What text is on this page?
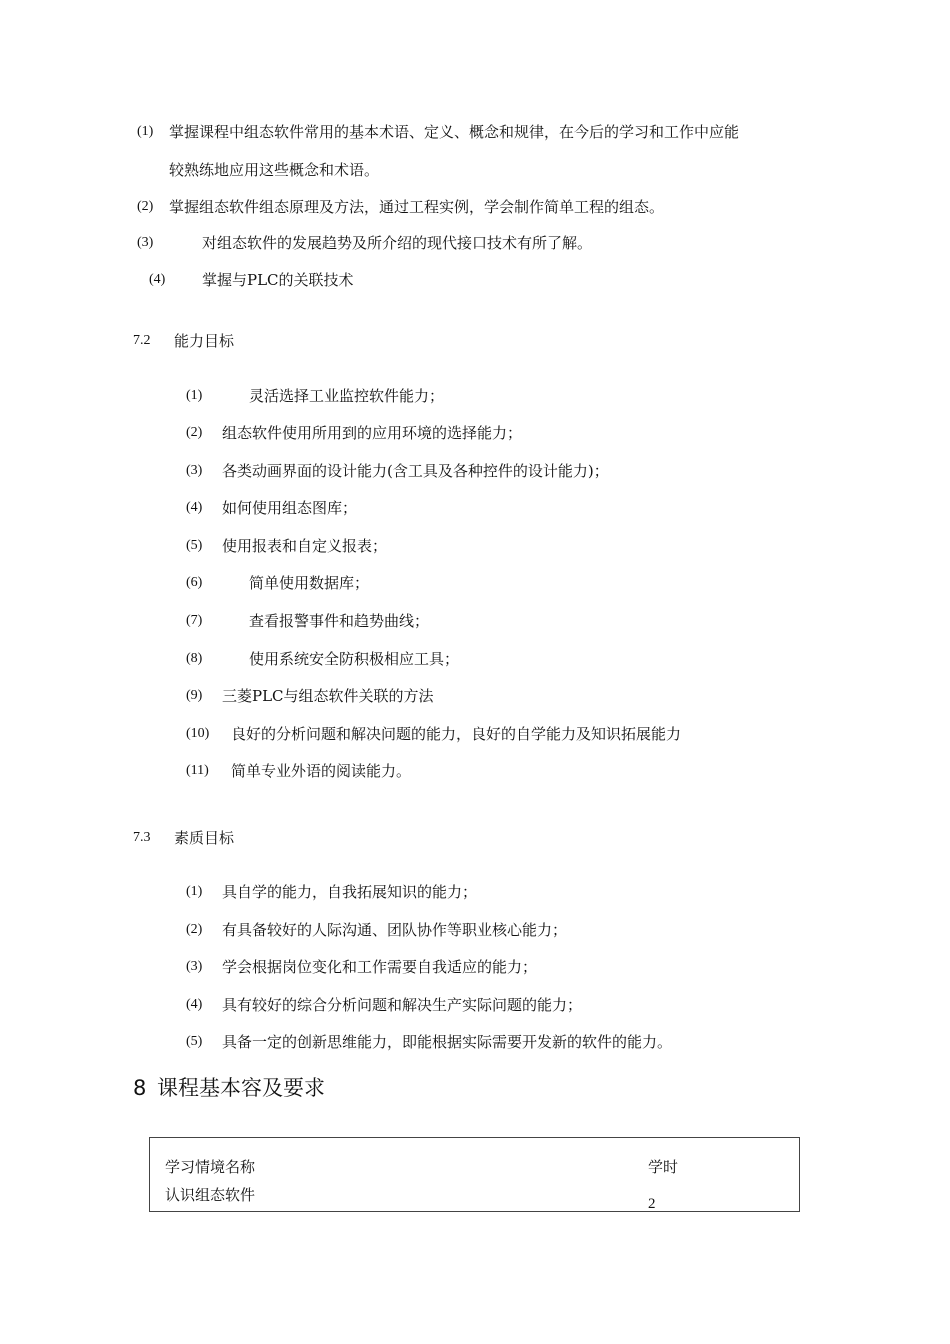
(1) 掌握课程中组态软件常用的基本术语、定义、概念和规律，在今后的学习和工作中应能
较熟练地应用这些概念和术语。
(2) 掌握组态软件组态原理及方法，通过工程实例，学会制作简单工程的组态。
(3)	对组态软件的发展趋势及所介绍的现代接口技术有所了解。
(4) 掌握与PLC的关联技术
7.2 能力目标
(1)	灵活选择工业监控软件能力；
(2) 组态软件使用所用到的应用环境的选择能力；
(3) 各类动画界面的设计能力(含工具及各种控件的设计能力)；
(4) 如何使用组态图库；
(5) 使用报表和自定义报表；
(6)	简单使用数据库；
(7)	查看报警事件和趋势曲线；
(8)	使用系统安全防积极相应工具；
(9) 三菱PLC与组态软件关联的方法
(10) 良好的分析问题和解决问题的能力，良好的自学能力及知识拓展能力
(11) 简单专业外语的阅读能力。
7.3 素质目标
(1) 具自学的能力，自我拓展知识的能力；
(2) 有具备较好的人际沟通、团队协作等职业核心能力；
(3) 学会根据岗位变化和工作需要自我适应的能力；
(4) 具有较好的综合分析问题和解决生产实际问题的能力；
(5) 具备一定的创新思维能力，即能根据实际需要开发新的软件的能力。
8 课程基本容及要求
学习情境名称	学时
认识组态软件	2
